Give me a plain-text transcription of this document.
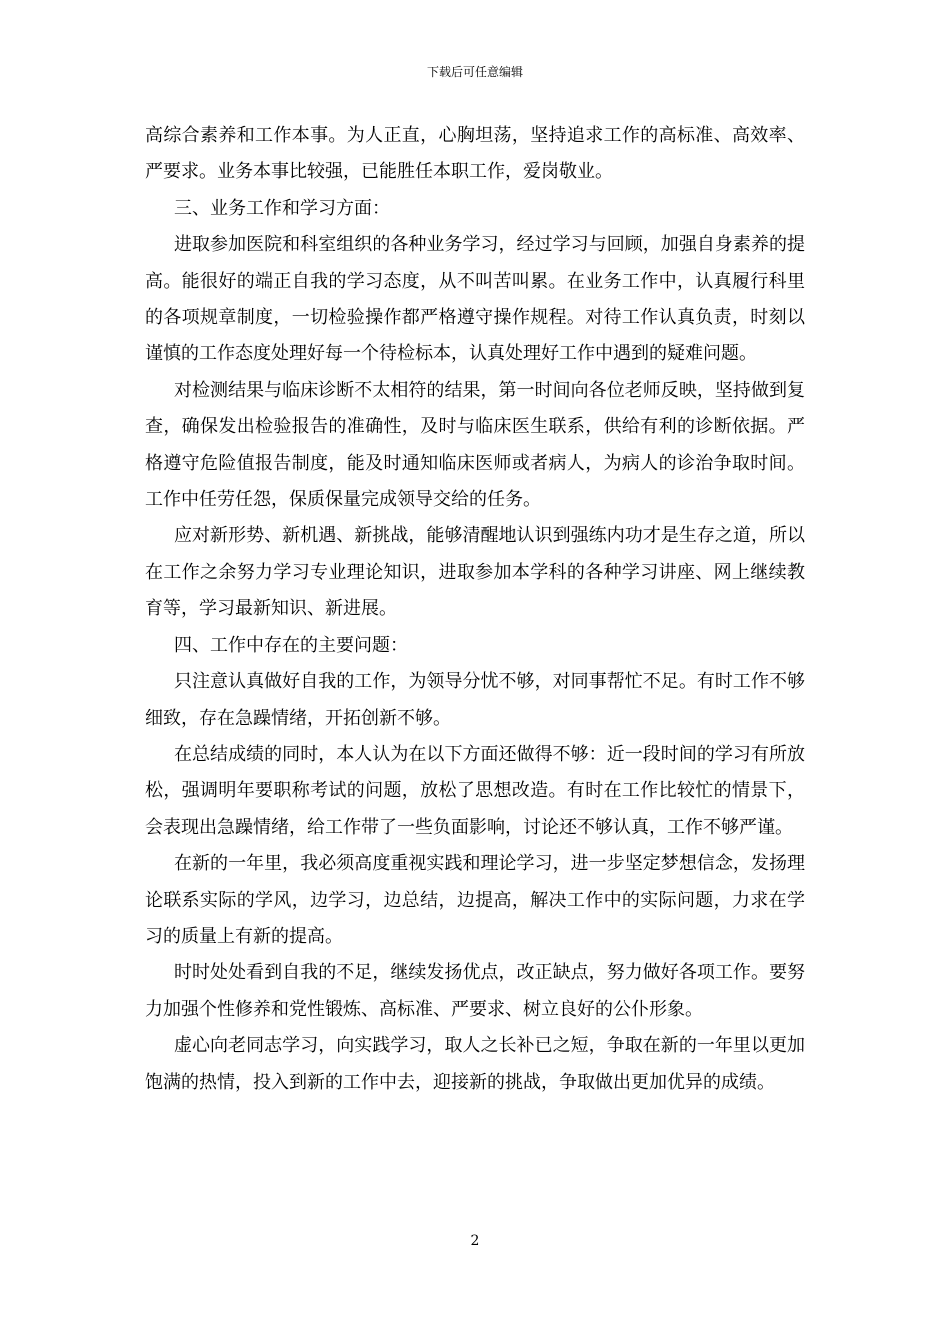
下载后可任意编辑

高综合素养和工作本事。为人正直，心胸坦荡，坚持追求工作的高标准、高效率、严要求。业务本事比较强，已能胜任本职工作，爱岗敬业。

三、业务工作和学习方面：

进取参加医院和科室组织的各种业务学习，经过学习与回顾，加强自身素养的提高。能很好的端正自我的学习态度，从不叫苦叫累。在业务工作中，认真履行科里的各项规章制度，一切检验操作都严格遵守操作规程。对待工作认真负责，时刻以谨慎的工作态度处理好每一个待检标本，认真处理好工作中遇到的疑难问题。

对检测结果与临床诊断不太相符的结果，第一时间向各位老师反映，坚持做到复查，确保发出检验报告的准确性，及时与临床医生联系，供给有利的诊断依据。严格遵守危险值报告制度，能及时通知临床医师或者病人，为病人的诊治争取时间。工作中任劳任怨，保质保量完成领导交给的任务。

应对新形势、新机遇、新挑战，能够清醒地认识到强练内功才是生存之道，所以在工作之余努力学习专业理论知识，进取参加本学科的各种学习讲座、网上继续教育等，学习最新知识、新进展。

四、工作中存在的主要问题：

只注意认真做好自我的工作，为领导分忧不够，对同事帮忙不足。有时工作不够细致，存在急躁情绪，开拓创新不够。

在总结成绩的同时，本人认为在以下方面还做得不够：近一段时间的学习有所放松，强调明年要职称考试的问题，放松了思想改造。有时在工作比较忙的情景下，会表现出急躁情绪，给工作带了一些负面影响，讨论还不够认真，工作不够严谨。

在新的一年里，我必须高度重视实践和理论学习，进一步坚定梦想信念，发扬理论联系实际的学风，边学习，边总结，边提高，解决工作中的实际问题，力求在学习的质量上有新的提高。

时时处处看到自我的不足，继续发扬优点，改正缺点，努力做好各项工作。要努力加强个性修养和党性锻炼、高标准、严要求、树立良好的公仆形象。

虚心向老同志学习，向实践学习，取人之长补已之短，争取在新的一年里以更加饱满的热情，投入到新的工作中去，迎接新的挑战，争取做出更加优异的成绩。

2
